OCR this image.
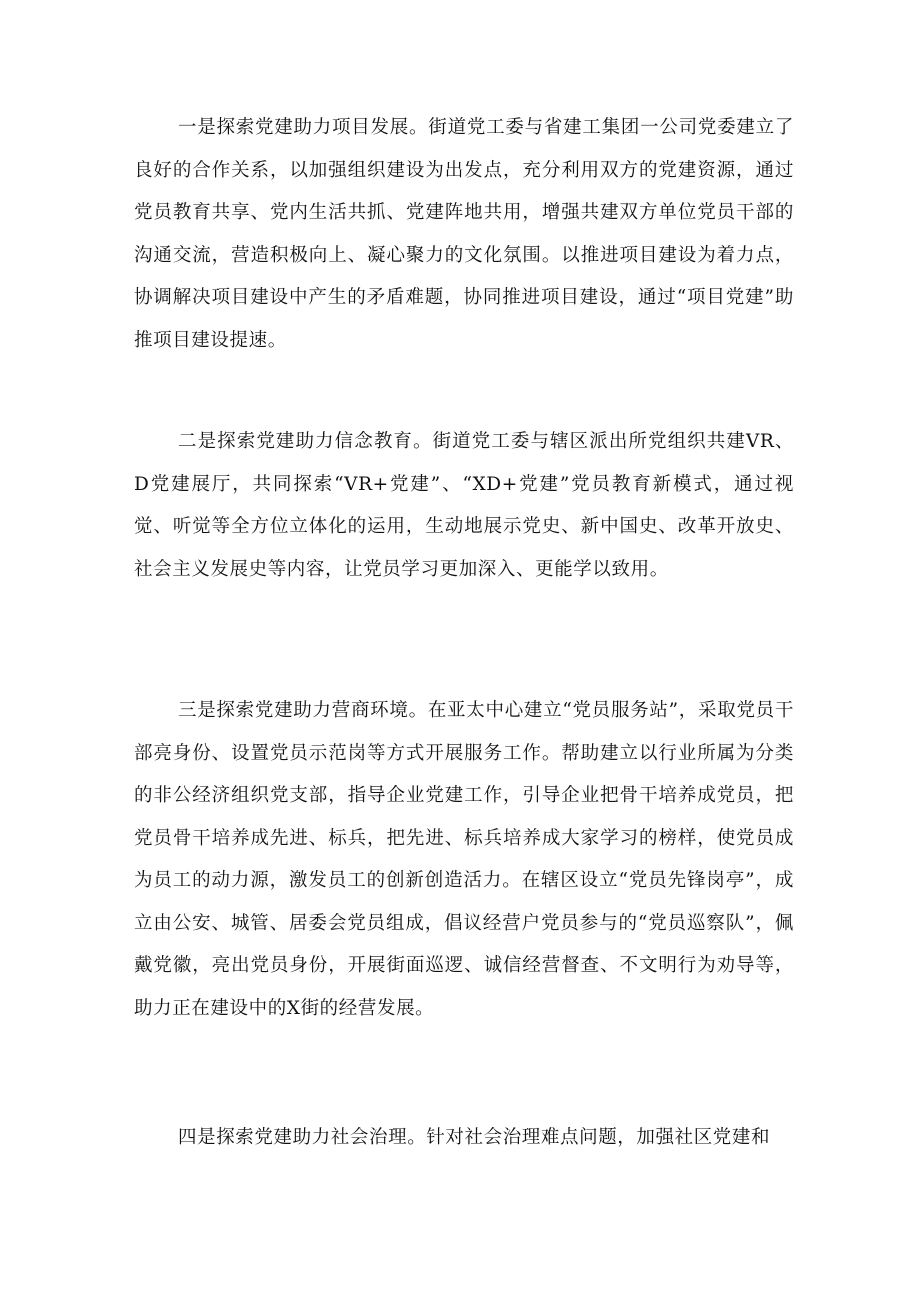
一是探索党建助力项目发展。街道党工委与省建工集团一公司党委建立了良好的合作关系，以加强组织建设为出发点，充分利用双方的党建资源，通过党员教育共享、党内生活共抓、党建阵地共用，增强共建双方单位党员干部的沟通交流，营造积极向上、凝心聚力的文化氛围。以推进项目建设为着力点，协调解决项目建设中产生的矛盾难题，协同推进项目建设，通过“项目党建”助推项目建设提速。

二是探索党建助力信念教育。街道党工委与辖区派出所党组织共建VR、D党建展厅，共同探索“VR+党建”、“XD+党建”党员教育新模式，通过视觉、听觉等全方位立体化的运用，生动地展示党史、新中国史、改革开放史、社会主义发展史等内容，让党员学习更加深入、更能学以致用。

三是探索党建助力营商环境。在亚太中心建立“党员服务站”，采取党员干部亮身份、设置党员示范岗等方式开展服务工作。帮助建立以行业所属为分类的非公经济组织党支部，指导企业党建工作，引导企业把骨干培养成党员，把党员骨干培养成先进、标兵，把先进、标兵培养成大家学习的榜样，使党员成为员工的动力源，激发员工的创新创造活力。在辖区设立“党员先锋岗亭”，成立由公安、城管、居委会党员组成，倡议经营户党员参与的“党员巡察队”，佩戴党徽，亮出党员身份，开展街面巡逻、诚信经营督查、不文明行为劝导等，助力正在建设中的X街的经营发展。

四是探索党建助力社会治理。针对社会治理难点问题，加强社区党建和
